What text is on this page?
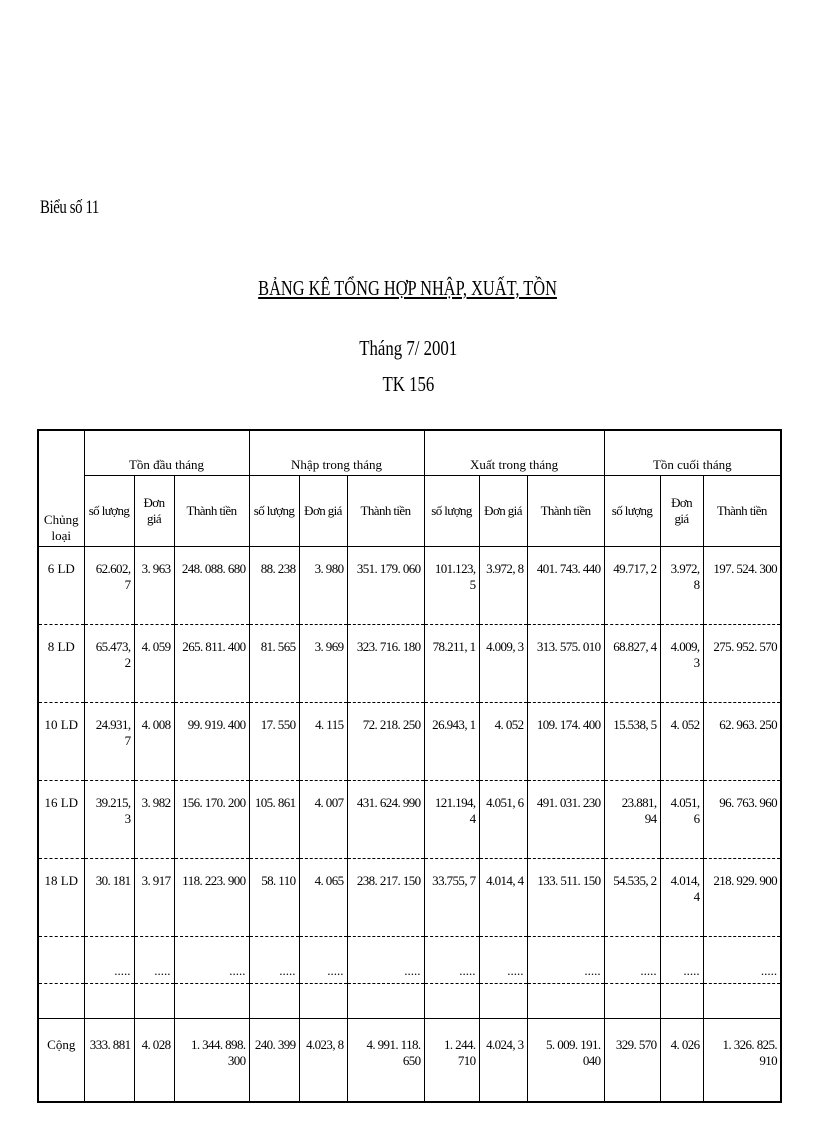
Biểu số 11
BẢNG KÊ TỔNG HỢP NHẬP, XUẤT, TỒN
Tháng 7/ 2001
TK 156
Chủng loại	Tồn đầu tháng			Nhập trong tháng			Xuất trong tháng			Tồn cuối tháng		
	số lượng	Đơn giá	Thành tiền	số lượng	Đơn giá	Thành tiền	số lượng	Đơn giá	Thành tiền	số lượng	Đơn giá	Thành tiền
6 LD	62.602, 7	3. 963	248. 088. 680	88. 238	3. 980	351. 179. 060	101.123, 5	3.972, 8	401. 743. 440	49.717, 2	3.972, 8	197. 524. 300
8 LD	65.473, 2	4. 059	265. 811. 400	81. 565	3. 969	323. 716. 180	78.211, 1	4.009, 3	313. 575. 010	68.827, 4	4.009, 3	275. 952. 570
10 LD	24.931, 7	4. 008	99. 919. 400	17. 550	4. 115	72. 218. 250	26.943, 1	4. 052	109. 174. 400	15.538, 5	4. 052	62. 963. 250
16 LD	39.215, 3	3. 982	156. 170. 200	105. 861	4. 007	431. 624. 990	121.194, 4	4.051, 6	491. 031. 230	23.881, 94	4.051, 6	96. 763. 960
18 LD	30. 181	3. 917	118. 223. 900	58. 110	4. 065	238. 217. 150	33.755, 7	4.014, 4	133. 511. 150	54.535, 2	4.014, 4	218. 929. 900
	.....	.....	.....	.....	.....	.....	.....	.....	.....	.....	.....	.....

Cộng	333. 881	4. 028	1. 344. 898. 300	240. 399	4.023, 8	4. 991. 118. 650	1. 244. 710	4.024, 3	5. 009. 191. 040	329. 570	4. 026	1. 326. 825. 910
